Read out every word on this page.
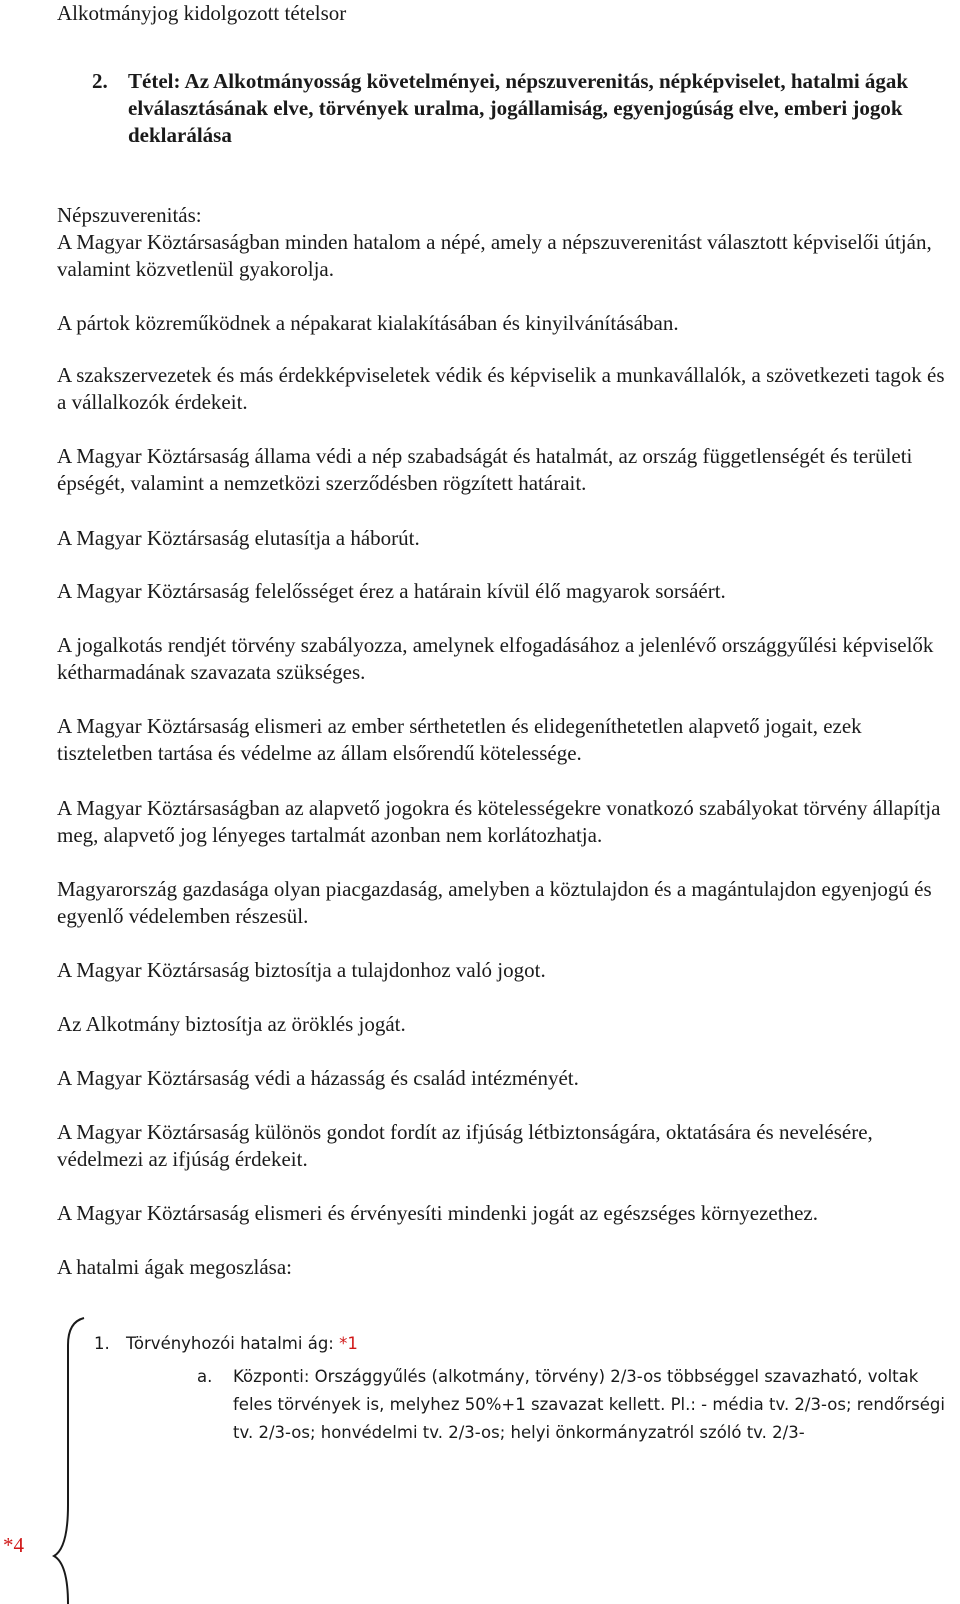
Alkotmányjog kidolgozott tételsor
2. Tétel: Az Alkotmányosság követelményei, népszuverenitás, népképviselet, hatalmi ágak elválasztásának elve, törvények uralma, jogállamiság, egyenjogúság elve, emberi jogok deklarálása
Népszuverenitás:

A Magyar Köztársaságban minden hatalom a népé, amely a népszuverenitást választott képviselői útján, valamint közvetlenül gyakorolja.

A pártok közreműködnek a népakarat kialakításában és kinyilvánításában.

A szakszervezetek és más érdekképviseletek védik és képviselik a munkavállalók, a szövetkezeti tagok és a vállalkozók érdekeit.

A Magyar Köztársaság állama védi a nép szabadságát és hatalmát, az ország függetlenségét és területi épségét, valamint a nemzetközi szerződésben rögzített határait.

A Magyar Köztársaság elutasítja a háborút.

A Magyar Köztársaság felelősséget érez a határain kívül élő magyarok sorsáért.

A jogalkotás rendjét törvény szabályozza, amelynek elfogadásához a jelenlévő országgyűlési képviselők kétharmadának szavazata szükséges.

A Magyar Köztársaság elismeri az ember sérthetetlen és elidegeníthetetlen alapvető jogait, ezek tiszteletben tartása és védelme az állam elsőrendű kötelessége.

A Magyar Köztársaságban az alapvető jogokra és kötelességekre vonatkozó szabályokat törvény állapítja meg, alapvető jog lényeges tartalmát azonban nem korlátozhatja.

Magyarország gazdasága olyan piacgazdaság, amelyben a köztulajdon és a magántulajdon egyenjogú és egyenlő védelemben részesül.

A Magyar Köztársaság biztosítja a tulajdonhoz való jogot.

Az Alkotmány biztosítja az öröklés jogát.

A Magyar Köztársaság védi a házasság és család intézményét.

A Magyar Köztársaság különös gondot fordít az ifjúság létbiztonságára, oktatására és nevelésére, védelmezi az ifjúság érdekeit.

A Magyar Köztársaság elismeri és érvényesíti mindenki jogát az egészséges környezethez.

A hatalmi ágak megoszlása:
1. Törvényhozói hatalmi ág: *1
a. Központi: Országgyűlés (alkotmány, törvény) 2/3-os többséggel szavazható, voltak feles törvények is, melyhez 50%+1 szavazat kellett. Pl.: - média tv. 2/3-os; rendőrségi tv. 2/3-os; honvédelmi tv. 2/3-os; helyi önkormányzatról szóló tv. 2/3-
*4
